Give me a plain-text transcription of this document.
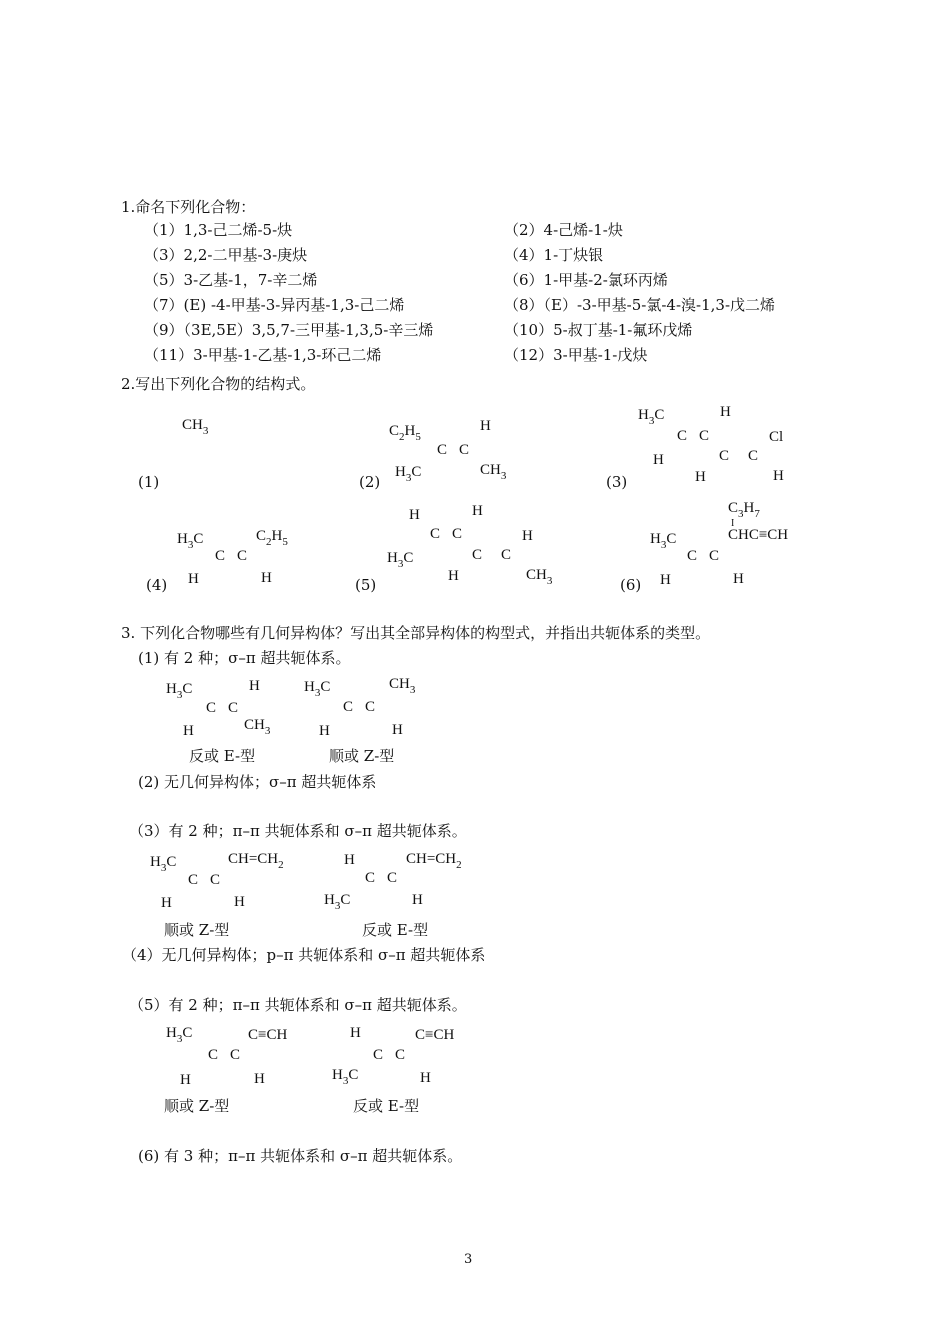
1.命名下列化合物：
（1）1,3-己二烯-5-炔	（2）4-己烯-1-炔
（3）2,2-二甲基-3-庚炔	（4）1-丁炔银
（5）3-乙基-1，7-辛二烯	（6）1-甲基-2-氯环丙烯
（7）(E) -4-甲基-3-异丙基-1,3-己二烯	（8）（E）-3-甲基-5-氯-4-溴-1,3-戊二烯
（9）（3E,5E）3,5,7-三甲基-1,3,5-辛三烯	（10）5-叔丁基-1-氟环戊烯
（11）3-甲基-1-乙基-1,3-环己二烯	（12）3-甲基-1-戊炔
2.写出下列化合物的结构式。
$CH_3$
(1)
$C_2H_5$
H
C C
$H_3C$	$CH_3$
(2)
$H_3C$	H
C C	Cl
H	C C
H	H
(3)
$H_3C$	$C_2H_5$
C C
H	H
(4)
H	H
C C	H
$H_3C$	C C
H	$CH_3$
(5)
$C_3H_7$
I
$H_3C$	CHC≡CH
C C
H	H
(6)
3. 下列化合物哪些有几何异构体？写出其全部异构体的构型式，并指出共轭体系的类型。
(1) 有 2 种；σ–π 超共轭体系。
$H_3C$	H
C C
H	$CH_3$
反或 E-型
$H_3C$	$CH_3$
C C
H	H
顺或 Z-型
(2) 无几何异构体；σ–π 超共轭体系
（3）有 2 种；π–π 共轭体系和 σ–π 超共轭体系。
$H_3C$	$CH=CH_2$
C C
H	H
顺或 Z-型
H	$CH=CH_2$
C C
$H_3C$	H
反或 E-型
（4）无几何异构体；p–π 共轭体系和 σ–π 超共轭体系
（5）有 2 种；π–π 共轭体系和 σ–π 超共轭体系。
$H_3C$	C≡CH
C C
H	H
顺或 Z-型
H	C≡CH
C C
$H_3C$	H
反或 E-型
(6) 有 3 种；π–π 共轭体系和 σ–π 超共轭体系。
3
